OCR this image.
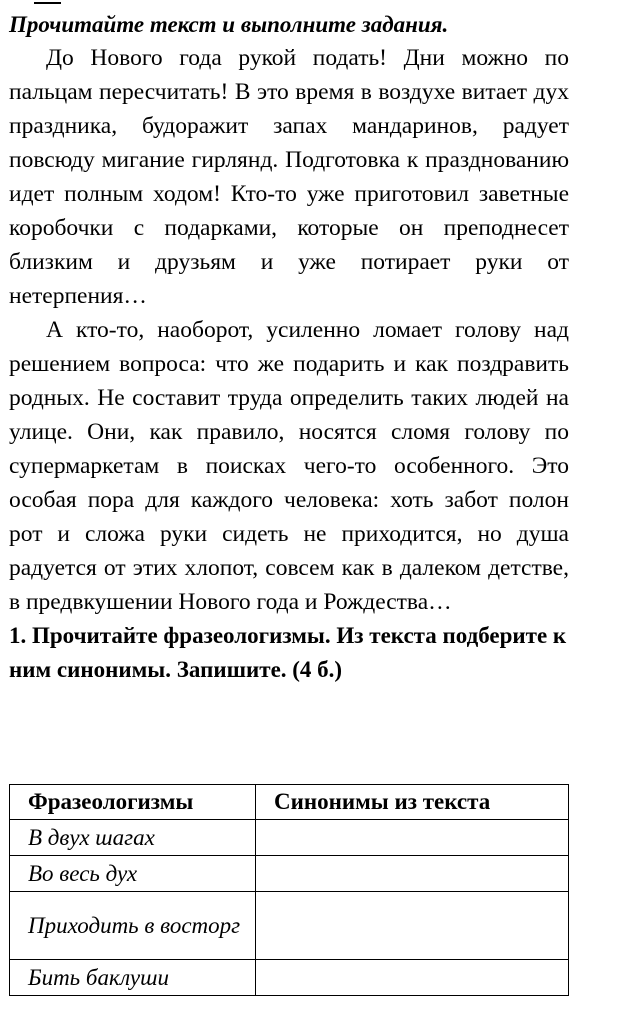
Прочитайте текст и выполните задания.

До Нового года рукой подать! Дни можно по пальцам пересчитать! В это время в воздухе витает дух праздника, будоражит запах мандаринов, радует повсюду мигание гирлянд. Подготовка к празднованию идет полным ходом! Кто-то уже приготовил заветные коробочки с подарками, которые он преподнесет близким и друзьям и уже потирает руки от нетерпения…

А кто-то, наоборот, усиленно ломает голову над решением вопроса: что же подарить и как поздравить родных. Не составит труда определить таких людей на улице. Они, как правило, носятся сломя голову по супермаркетам в поисках чего-то особенного. Это особая пора для каждого человека: хоть забот полон рот и сложа руки сидеть не приходится, но душа радуется от этих хлопот, совсем как в далеком детстве, в предвкушении Нового года и Рождества…

1. Прочитайте фразеологизмы. Из текста подберите к ним синонимы. Запишите. (4 б.)

Фразеологизмы	Синонимы из текста
В двух шагах	
Во весь дух	
Приходить в восторг	
Бить баклуши	
